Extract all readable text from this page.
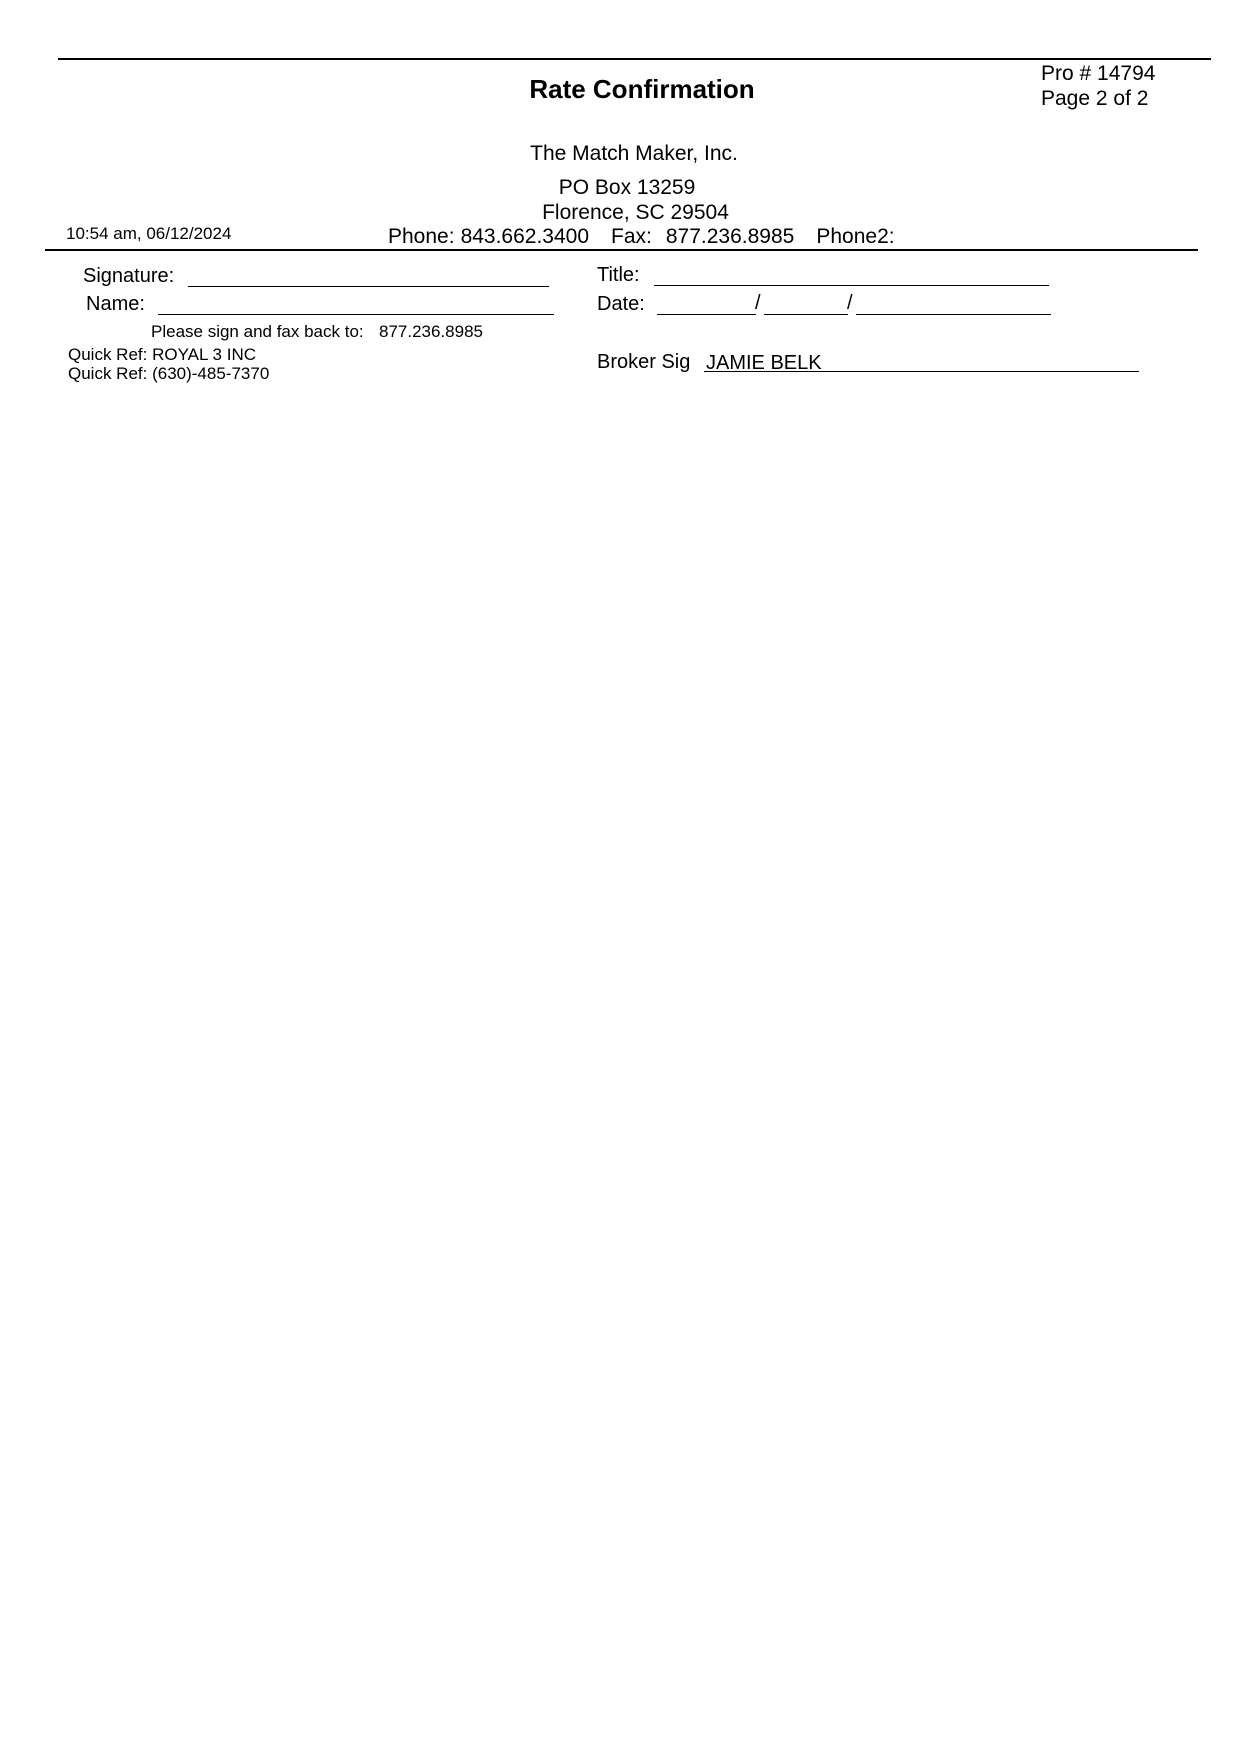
Rate Confirmation
Pro # 14794
Page 2 of 2
The Match Maker, Inc.
PO Box 13259
Florence, SC 29504
10:54 am, 06/12/2024	Phone: 843.662.3400 Fax: 877.236.8985 Phone2:
Signature:
Name:
Title:
Date:	/	/
Please sign and fax back to: 877.236.8985
Quick Ref: ROYAL 3 INC
Quick Ref: (630)-485-7370
Broker Sig JAMIE BELK
